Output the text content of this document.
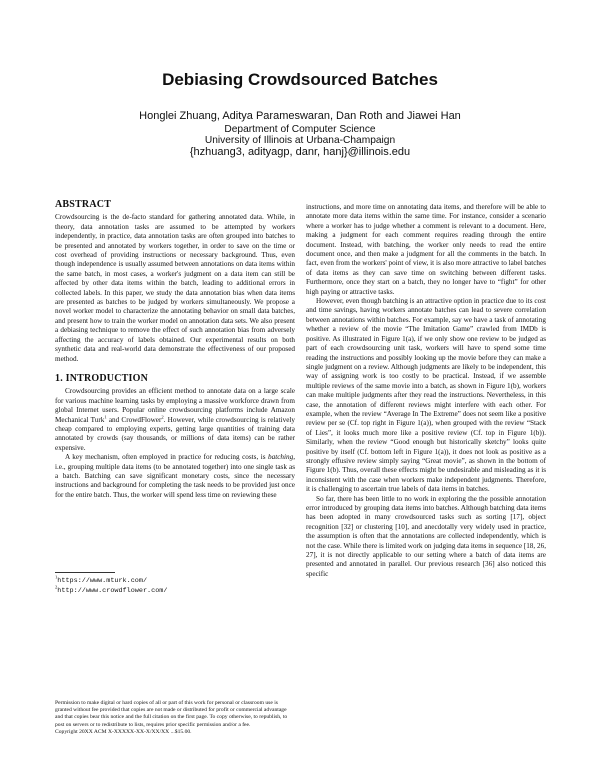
Debiasing Crowdsourced Batches
Honglei Zhuang, Aditya Parameswaran, Dan Roth and Jiawei Han
Department of Computer Science
University of Illinois at Urbana-Champaign
{hzhuang3, adityagp, danr, hanj}@illinois.edu
ABSTRACT

Crowdsourcing is the de-facto standard for gathering annotated data. While, in theory, data annotation tasks are assumed to be attempted by workers independently, in practice, data annotation tasks are often grouped into batches to be presented and annotated by workers together, in order to save on the time or cost overhead of providing instructions or necessary background. Thus, even though independence is usually assumed between annotations on data items within the same batch, in most cases, a worker's judgment on a data item can still be affected by other data items within the batch, leading to additional errors in collected labels. In this paper, we study the data annotation bias when data items are presented as batches to be judged by workers simultaneously. We propose a novel worker model to characterize the annotating behavior on small data batches, and present how to train the worker model on annotation data sets. We also present a debiasing technique to remove the effect of such annotation bias from adversely affecting the accuracy of labels obtained. Our experimental results on both synthetic data and real-world data demonstrate the effectiveness of our proposed method.

1. INTRODUCTION

Crowdsourcing provides an efficient method to annotate data on a large scale for various machine learning tasks by employing a massive workforce drawn from global Internet users. Popular online crowdsourcing platforms include Amazon Mechanical Turk$^1$ and CrowdFlower$^2$. However, while crowdsourcing is relatively cheap compared to employing experts, getting large quantities of training data annotated by crowds (say thousands, or millions of data items) can be rather expensive.

A key mechanism, often employed in practice for reducing costs, is batching, i.e., grouping multiple data items (to be annotated together) into one single task as a batch. Batching can save significant monetary costs, since the necessary instructions and background for completing the task needs to be provided just once for the entire batch. Thus, the worker will spend less time on reviewing these

$^1$https://www.mturk.com/
$^2$http://www.crowdflower.com/
Permission to make digital or hard copies of all or part of this work for personal or classroom use is granted without fee provided that copies are not made or distributed for profit or commercial advantage and that copies bear this notice and the full citation on the first page. To copy otherwise, to republish, to post on servers or to redistribute to lists, requires prior specific permission and/or a fee.
Copyright 20XX ACM X-XXXXX-XX-X/XX/XX ...$15.00.

instructions, and more time on annotating data items, and therefore will be able to annotate more data items within the same time. For instance, consider a scenario where a worker has to judge whether a comment is relevant to a document. Here, making a judgment for each comment requires reading through the entire document. Instead, with batching, the worker only needs to read the entire document once, and then make a judgment for all the comments in the batch. In fact, even from the workers' point of view, it is also more attractive to label batches of data items as they can save time on switching between different tasks. Furthermore, once they start on a batch, they no longer have to “fight” for other high paying or attractive tasks.

However, even though batching is an attractive option in practice due to its cost and time savings, having workers annotate batches can lead to severe correlation between annotations within batches. For example, say we have a task of annotating whether a review of the movie “The Imitation Game” crawled from IMDb is positive. As illustrated in Figure 1(a), if we only show one review to be judged as part of each crowdsourcing unit task, workers will have to spend some time reading the instructions and possibly looking up the movie before they can make a single judgment on a review. Although judgments are likely to be independent, this way of assigning work is too costly to be practical. Instead, if we assemble multiple reviews of the same movie into a batch, as shown in Figure 1(b), workers can make multiple judgments after they read the instructions. Nevertheless, in this case, the annotation of different reviews might interfere with each other. For example, when the review “Average In The Extreme” does not seem like a positive review per se (Cf. top right in Figure 1(a)), when grouped with the review “Stack of Lies”, it looks much more like a positive review (Cf. top in Figure 1(b)). Similarly, when the review “Good enough but historically sketchy” looks quite positive by itself (Cf. bottom left in Figure 1(a)), it does not look as positive as a strongly effusive review simply saying “Great movie”, as shown in the bottom of Figure 1(b). Thus, overall these effects might be undesirable and misleading as it is inconsistent with the case when workers make independent judgments. Therefore, it is challenging to ascertain true labels of data items in batches.

So far, there has been little to no work in exploring the the possible annotation error introduced by grouping data items into batches. Although batching data items has been adopted in many crowdsourced tasks such as sorting [17], object recognition [32] or clustering [10], and anecdotally very widely used in practice, the assumption is often that the annotations are collected independently, which is not the case. While there is limited work on judging data items in sequence [18, 26, 27], it is not directly applicable to our setting where a batch of data items are presented and annotated in parallel. Our previous research [36] also noticed this specific
